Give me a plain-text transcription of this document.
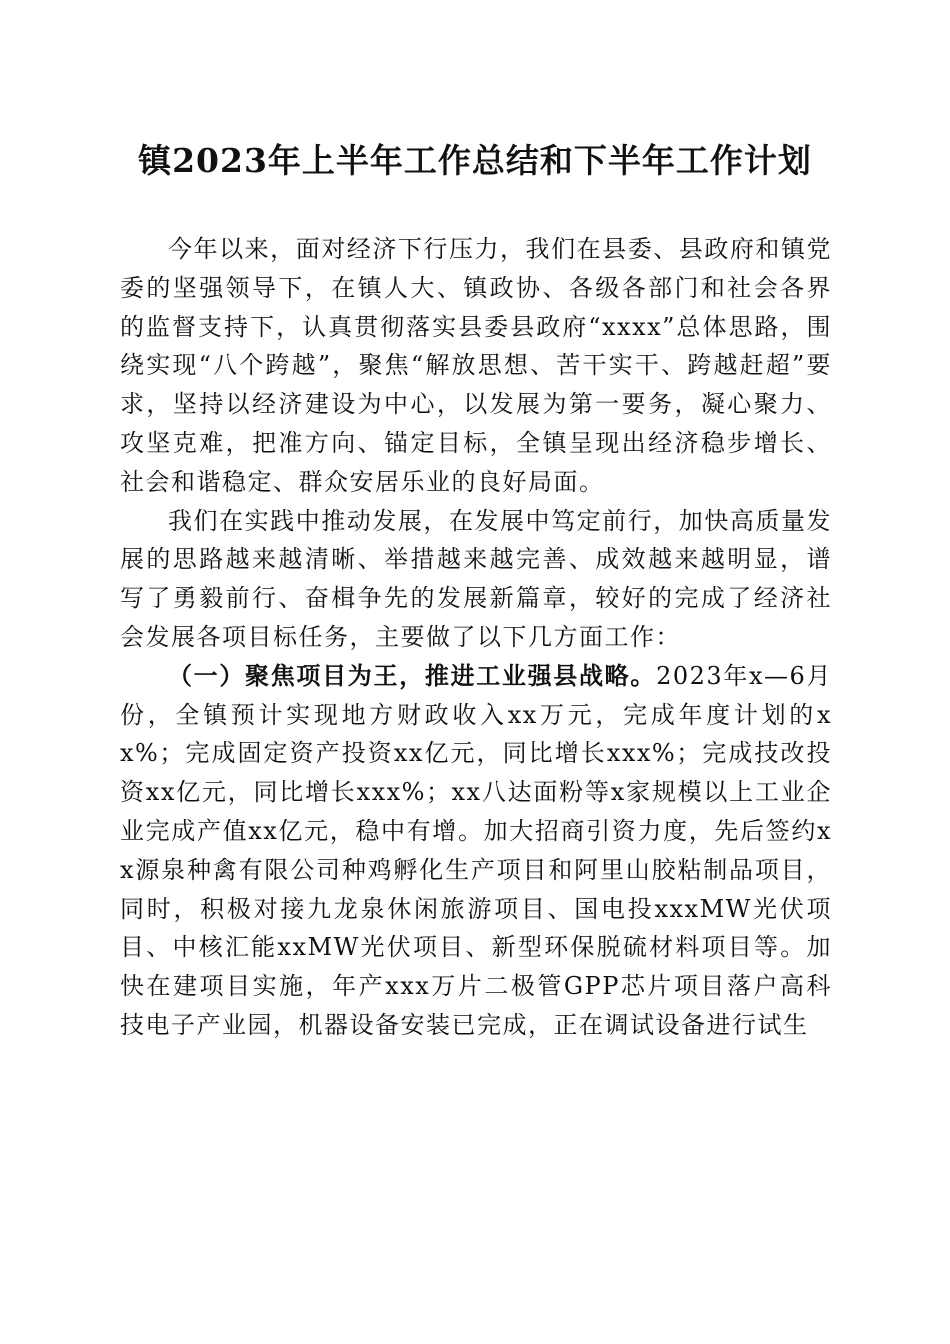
镇2023年上半年工作总结和下半年工作计划

今年以来，面对经济下行压力，我们在县委、县政府和镇党委的坚强领导下，在镇人大、镇政协、各级各部门和社会各界的监督支持下，认真贯彻落实县委县政府“xxxx”总体思路，围绕实现“八个跨越”，聚焦“解放思想、苦干实干、跨越赶超”要求，坚持以经济建设为中心，以发展为第一要务，凝心聚力、攻坚克难，把准方向、锚定目标，全镇呈现出经济稳步增长、社会和谐稳定、群众安居乐业的良好局面。

我们在实践中推动发展，在发展中笃定前行，加快高质量发展的思路越来越清晰、举措越来越完善、成效越来越明显，谱写了勇毅前行、奋楫争先的发展新篇章，较好的完成了经济社会发展各项目标任务，主要做了以下几方面工作：

（一）聚焦项目为王，推进工业强县战略。2023年x—6月份，全镇预计实现地方财政收入xx万元，完成年度计划的xx%；完成固定资产投资xx亿元，同比增长xxx%；完成技改投资xx亿元，同比增长xxx%；xx八达面粉等x家规模以上工业企业完成产值xx亿元，稳中有增。加大招商引资力度，先后签约xx源泉种禽有限公司种鸡孵化生产项目和阿里山胶粘制品项目，同时，积极对接九龙泉休闲旅游项目、国电投xxxMW光伏项目、中核汇能xxMW光伏项目、新型环保脱硫材料项目等。加快在建项目实施，年产xxx万片二极管GPP芯片项目落户高科技电子产业园，机器设备安装已完成，正在调试设备进行试生
